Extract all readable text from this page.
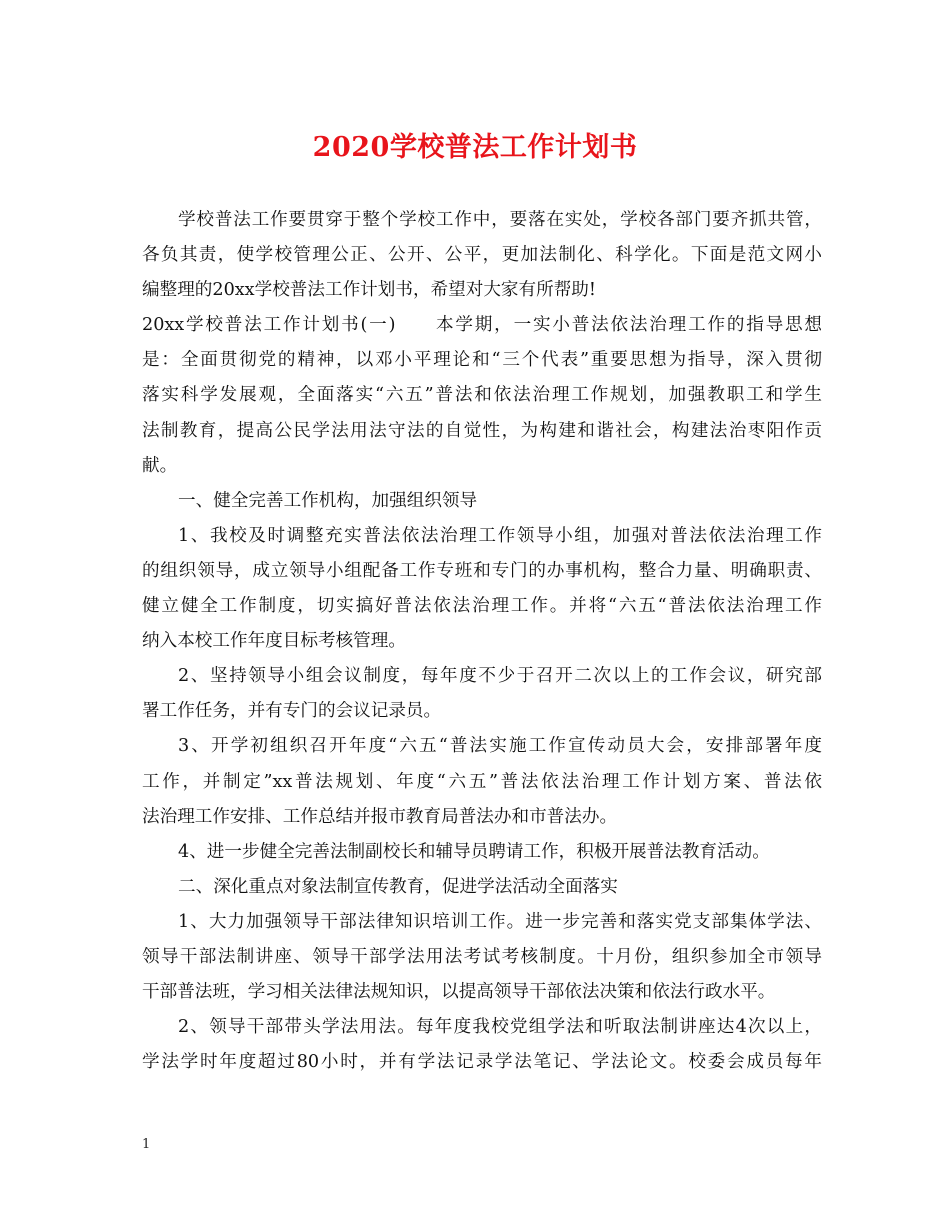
2020学校普法工作计划书
学校普法工作要贯穿于整个学校工作中，要落在实处，学校各部门要齐抓共管，
各负其责，使学校管理公正、公开、公平，更加法制化、科学化。下面是范文网小
编整理的20xx学校普法工作计划书，希望对大家有所帮助!
20xx学校普法工作计划书(一)　　本学期，一实小普法依法治理工作的指导思想
是：全面贯彻党的精神，以邓小平理论和“三个代表”重要思想为指导，深入贯彻
落实科学发展观，全面落实“六五”普法和依法治理工作规划，加强教职工和学生
法制教育，提高公民学法用法守法的自觉性，为构建和谐社会，构建法治枣阳作贡
献。
一、健全完善工作机构，加强组织领导
1、我校及时调整充实普法依法治理工作领导小组，加强对普法依法治理工作
的组织领导，成立领导小组配备工作专班和专门的办事机构，整合力量、明确职责、
健立健全工作制度，切实搞好普法依法治理工作。并将“六五“普法依法治理工作
纳入本校工作年度目标考核管理。
2、坚持领导小组会议制度，每年度不少于召开二次以上的工作会议，研究部
署工作任务，并有专门的会议记录员。
3、开学初组织召开年度“六五“普法实施工作宣传动员大会，安排部署年度
工作，并制定”xx普法规划、年度“六五”普法依法治理工作计划方案、普法依
法治理工作安排、工作总结并报市教育局普法办和市普法办。
4、进一步健全完善法制副校长和辅导员聘请工作，积极开展普法教育活动。
二、深化重点对象法制宣传教育，促进学法活动全面落实
1、大力加强领导干部法律知识培训工作。进一步完善和落实党支部集体学法、
领导干部法制讲座、领导干部学法用法考试考核制度。十月份，组织参加全市领导
干部普法班，学习相关法律法规知识，以提高领导干部依法决策和依法行政水平。
2、领导干部带头学法用法。每年度我校党组学法和听取法制讲座达4次以上，
学法学时年度超过80小时，并有学法记录学法笔记、学法论文。校委会成员每年
1
